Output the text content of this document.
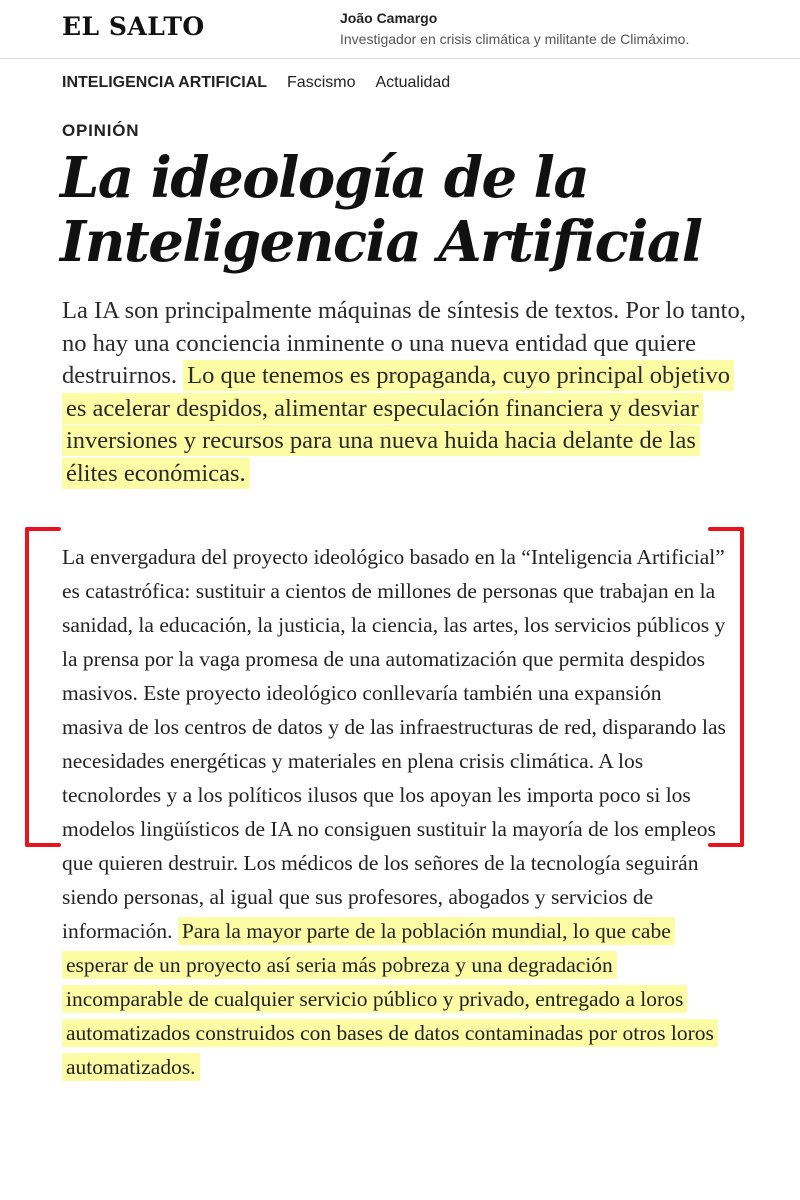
EL SALTO	João Camargo
Investigador en crisis climática y militante de Climáximo.
INTELIGENCIA ARTIFICIAL Fascismo Actualidad
OPINIÓN
La ideología de la Inteligencia Artificial

La IA son principalmente máquinas de síntesis de textos. Por lo tanto, no hay una conciencia inminente o una nueva entidad que quiere destruirnos. Lo que tenemos es propaganda, cuyo principal objetivo es acelerar despidos, alimentar especulación financiera y desviar inversiones y recursos para una nueva huida hacia delante de las élites económicas.

La envergadura del proyecto ideológico basado en la “Inteligencia Artificial” es catastrófica: sustituir a cientos de millones de personas que trabajan en la sanidad, la educación, la justicia, la ciencia, las artes, los servicios públicos y la prensa por la vaga promesa de una automatización que permita despidos masivos. Este proyecto ideológico conllevaría también una expansión masiva de los centros de datos y de las infraestructuras de red, disparando las necesidades energéticas y materiales en plena crisis climática. A los tecnolordes y a los políticos ilusos que los apoyan les importa poco si los modelos lingüísticos de IA no consiguen sustituir la mayoría de los empleos que quieren destruir. Los médicos de los señores de la tecnología seguirán siendo personas, al igual que sus profesores, abogados y servicios de información. Para la mayor parte de la población mundial, lo que cabe esperar de un proyecto así seria más pobreza y una degradación incomparable de cualquier servicio público y privado, entregado a loros automatizados construidos con bases de datos contaminadas por otros loros automatizados.
